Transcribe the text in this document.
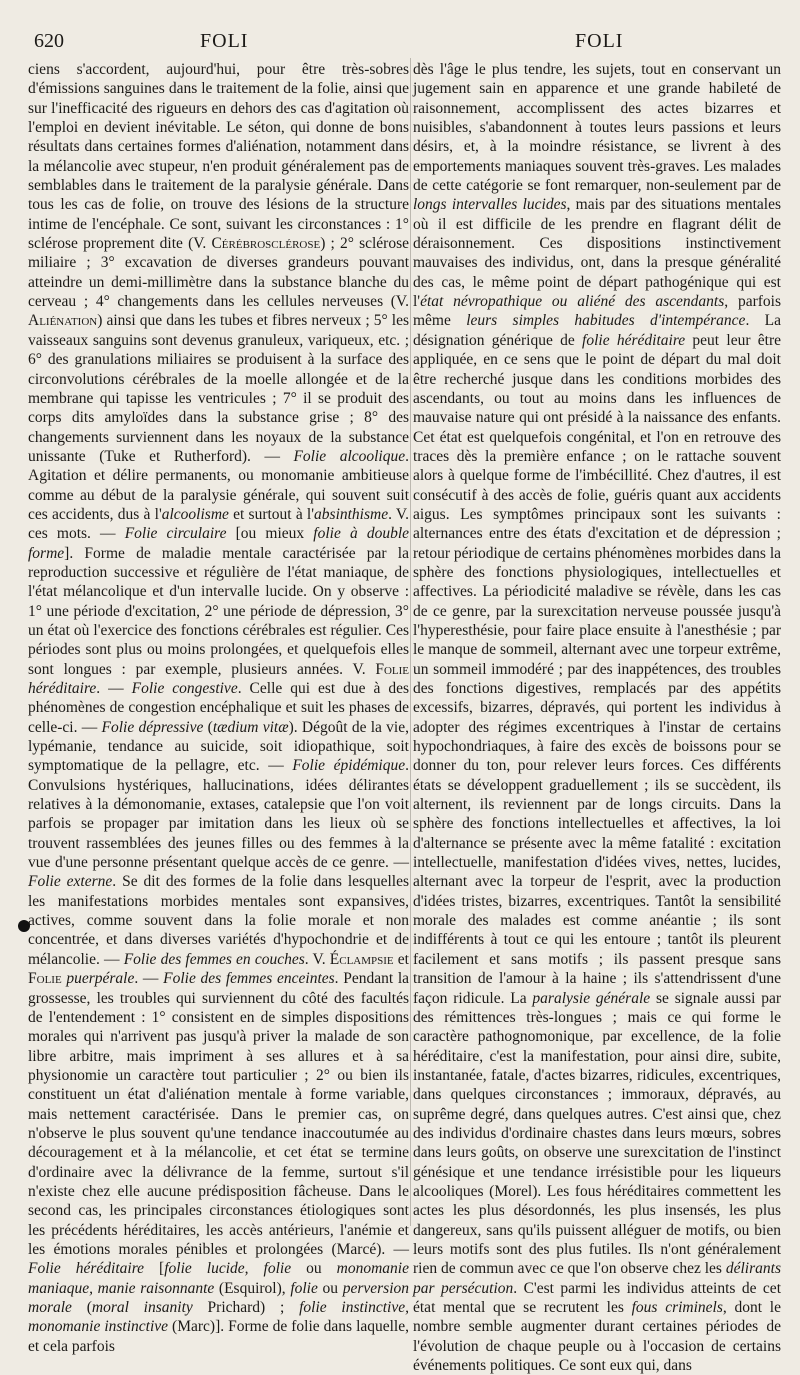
620	FOLI	FOLI

ciens s'accordent, aujourd'hui, pour être très-sobres d'émissions sanguines dans le traitement de la folie, ainsi que sur l'inefficacité des rigueurs en dehors des cas d'agitation où l'emploi en devient inévitable. Le séton, qui donne de bons résultats dans certaines formes d'aliénation, notamment dans la mélancolie avec stupeur, n'en produit généralement pas de semblables dans le traitement de la paralysie générale. Dans tous les cas de folie, on trouve des lésions de la structure intime de l'encéphale. Ce sont, suivant les circonstances : 1° sclérose proprement dite (V. Cérébrosclérose) ; 2° sclérose miliaire ; 3° excavation de diverses grandeurs pouvant atteindre un demi-millimètre dans la substance blanche du cerveau ; 4° changements dans les cellules nerveuses (V. Aliénation) ainsi que dans les tubes et fibres nerveux ; 5° les vaisseaux sanguins sont devenus granuleux, variqueux, etc. ; 6° des granulations miliaires se produisent à la surface des circonvolutions cérébrales de la moelle allongée et de la membrane qui tapisse les ventricules ; 7° il se produit des corps dits amyloïdes dans la substance grise ; 8° des changements surviennent dans les noyaux de la substance unissante (Tuke et Rutherford). — Folie alcoolique. Agitation et délire permanents, ou monomanie ambitieuse comme au début de la paralysie générale, qui souvent suit ces accidents, dus à l'alcoolisme et surtout à l'absinthisme. V. ces mots. — Folie circulaire [ou mieux folie à double forme]. Forme de maladie mentale caractérisée par la reproduction successive et régulière de l'état maniaque, de l'état mélancolique et d'un intervalle lucide. On y observe : 1° une période d'excitation, 2° une période de dépression, 3° un état où l'exercice des fonctions cérébrales est régulier. Ces périodes sont plus ou moins prolongées, et quelquefois elles sont longues : par exemple, plusieurs années. V. Folie héréditaire. — Folie congestive. Celle qui est due à des phénomènes de congestion encéphalique et suit les phases de celle-ci. — Folie dépressive (tædium vitæ). Dégoût de la vie, lypémanie, tendance au suicide, soit idiopathique, soit symptomatique de la pellagre, etc. — Folie épidémique. Convulsions hystériques, hallucinations, idées délirantes relatives à la démonomanie, extases, catalepsie que l'on voit parfois se propager par imitation dans les lieux où se trouvent rassemblées des jeunes filles ou des femmes à la vue d'une personne présentant quelque accès de ce genre. — Folie externe. Se dit des formes de la folie dans lesquelles les manifestations morbides mentales sont expansives, actives, comme souvent dans la folie morale et non concentrée, et dans diverses variétés d'hypochondrie et de mélancolie. — Folie des femmes en couches. V. Éclampsie et Folie puerpérale. — Folie des femmes enceintes. Pendant la grossesse, les troubles qui surviennent du côté des facultés de l'entendement : 1° consistent en de simples dispositions morales qui n'arrivent pas jusqu'à priver la malade de son libre arbitre, mais impriment à ses allures et à sa physionomie un caractère tout particulier ; 2° ou bien ils constituent un état d'aliénation mentale à forme variable, mais nettement caractérisée. Dans le premier cas, on n'observe le plus souvent qu'une tendance inaccoutumée au découragement et à la mélancolie, et cet état se termine d'ordinaire avec la délivrance de la femme, surtout s'il n'existe chez elle aucune prédisposition fâcheuse. Dans le second cas, les principales circonstances étiologiques sont les précédents héréditaires, les accès antérieurs, l'anémie et les émotions morales pénibles et prolongées (Marcé). — Folie héréditaire [folie lucide, folie ou monomanie maniaque, manie raisonnante (Esquirol), folie ou perversion morale (moral insanity Prichard) ; folie instinctive, monomanie instinctive (Marc)]. Forme de folie dans laquelle, et cela parfois

dès l'âge le plus tendre, les sujets, tout en conservant un jugement sain en apparence et une grande habileté de raisonnement, accomplissent des actes bizarres et nuisibles, s'abandonnent à toutes leurs passions et leurs désirs, et, à la moindre résistance, se livrent à des emportements maniaques souvent très-graves. Les malades de cette catégorie se font remarquer, non-seulement par de longs intervalles lucides, mais par des situations mentales où il est difficile de les prendre en flagrant délit de déraisonnement. Ces dispositions instinctivement mauvaises des individus, ont, dans la presque généralité des cas, le même point de départ pathogénique qui est l'état névropathique ou aliéné des ascendants, parfois même leurs simples habitudes d'intempérance. La désignation générique de folie héréditaire peut leur être appliquée, en ce sens que le point de départ du mal doit être recherché jusque dans les conditions morbides des ascendants, ou tout au moins dans les influences de mauvaise nature qui ont présidé à la naissance des enfants. Cet état est quelquefois congénital, et l'on en retrouve des traces dès la première enfance ; on le rattache souvent alors à quelque forme de l'imbécillité. Chez d'autres, il est consécutif à des accès de folie, guéris quant aux accidents aigus. Les symptômes principaux sont les suivants : alternances entre des états d'excitation et de dépression ; retour périodique de certains phénomènes morbides dans la sphère des fonctions physiologiques, intellectuelles et affectives. La périodicité maladive se révèle, dans les cas de ce genre, par la surexcitation nerveuse poussée jusqu'à l'hyperesthésie, pour faire place ensuite à l'anesthésie ; par le manque de sommeil, alternant avec une torpeur extrême, un sommeil immodéré ; par des inappétences, des troubles des fonctions digestives, remplacés par des appétits excessifs, bizarres, dépravés, qui portent les individus à adopter des régimes excentriques à l'instar de certains hypochondriaques, à faire des excès de boissons pour se donner du ton, pour relever leurs forces. Ces différents états se développent graduellement ; ils se succèdent, ils alternent, ils reviennent par de longs circuits. Dans la sphère des fonctions intellectuelles et affectives, la loi d'alternance se présente avec la même fatalité : excitation intellectuelle, manifestation d'idées vives, nettes, lucides, alternant avec la torpeur de l'esprit, avec la production d'idées tristes, bizarres, excentriques. Tantôt la sensibilité morale des malades est comme anéantie ; ils sont indifférents à tout ce qui les entoure ; tantôt ils pleurent facilement et sans motifs ; ils passent presque sans transition de l'amour à la haine ; ils s'attendrissent d'une façon ridicule. La paralysie générale se signale aussi par des rémittences très-longues ; mais ce qui forme le caractère pathognomonique, par excellence, de la folie héréditaire, c'est la manifestation, pour ainsi dire, subite, instantanée, fatale, d'actes bizarres, ridicules, excentriques, dans quelques circonstances ; immoraux, dépravés, au suprême degré, dans quelques autres. C'est ainsi que, chez des individus d'ordinaire chastes dans leurs mœurs, sobres dans leurs goûts, on observe une surexcitation de l'instinct génésique et une tendance irrésistible pour les liqueurs alcooliques (Morel). Les fous héréditaires commettent les actes les plus désordonnés, les plus insensés, les plus dangereux, sans qu'ils puissent alléguer de motifs, ou bien leurs motifs sont des plus futiles. Ils n'ont généralement rien de commun avec ce que l'on observe chez les délirants par persécution. C'est parmi les individus atteints de cet état mental que se recrutent les fous criminels, dont le nombre semble augmenter durant certaines périodes de l'évolution de chaque peuple ou à l'occasion de certains événements politiques. Ce sont eux qui, dans
